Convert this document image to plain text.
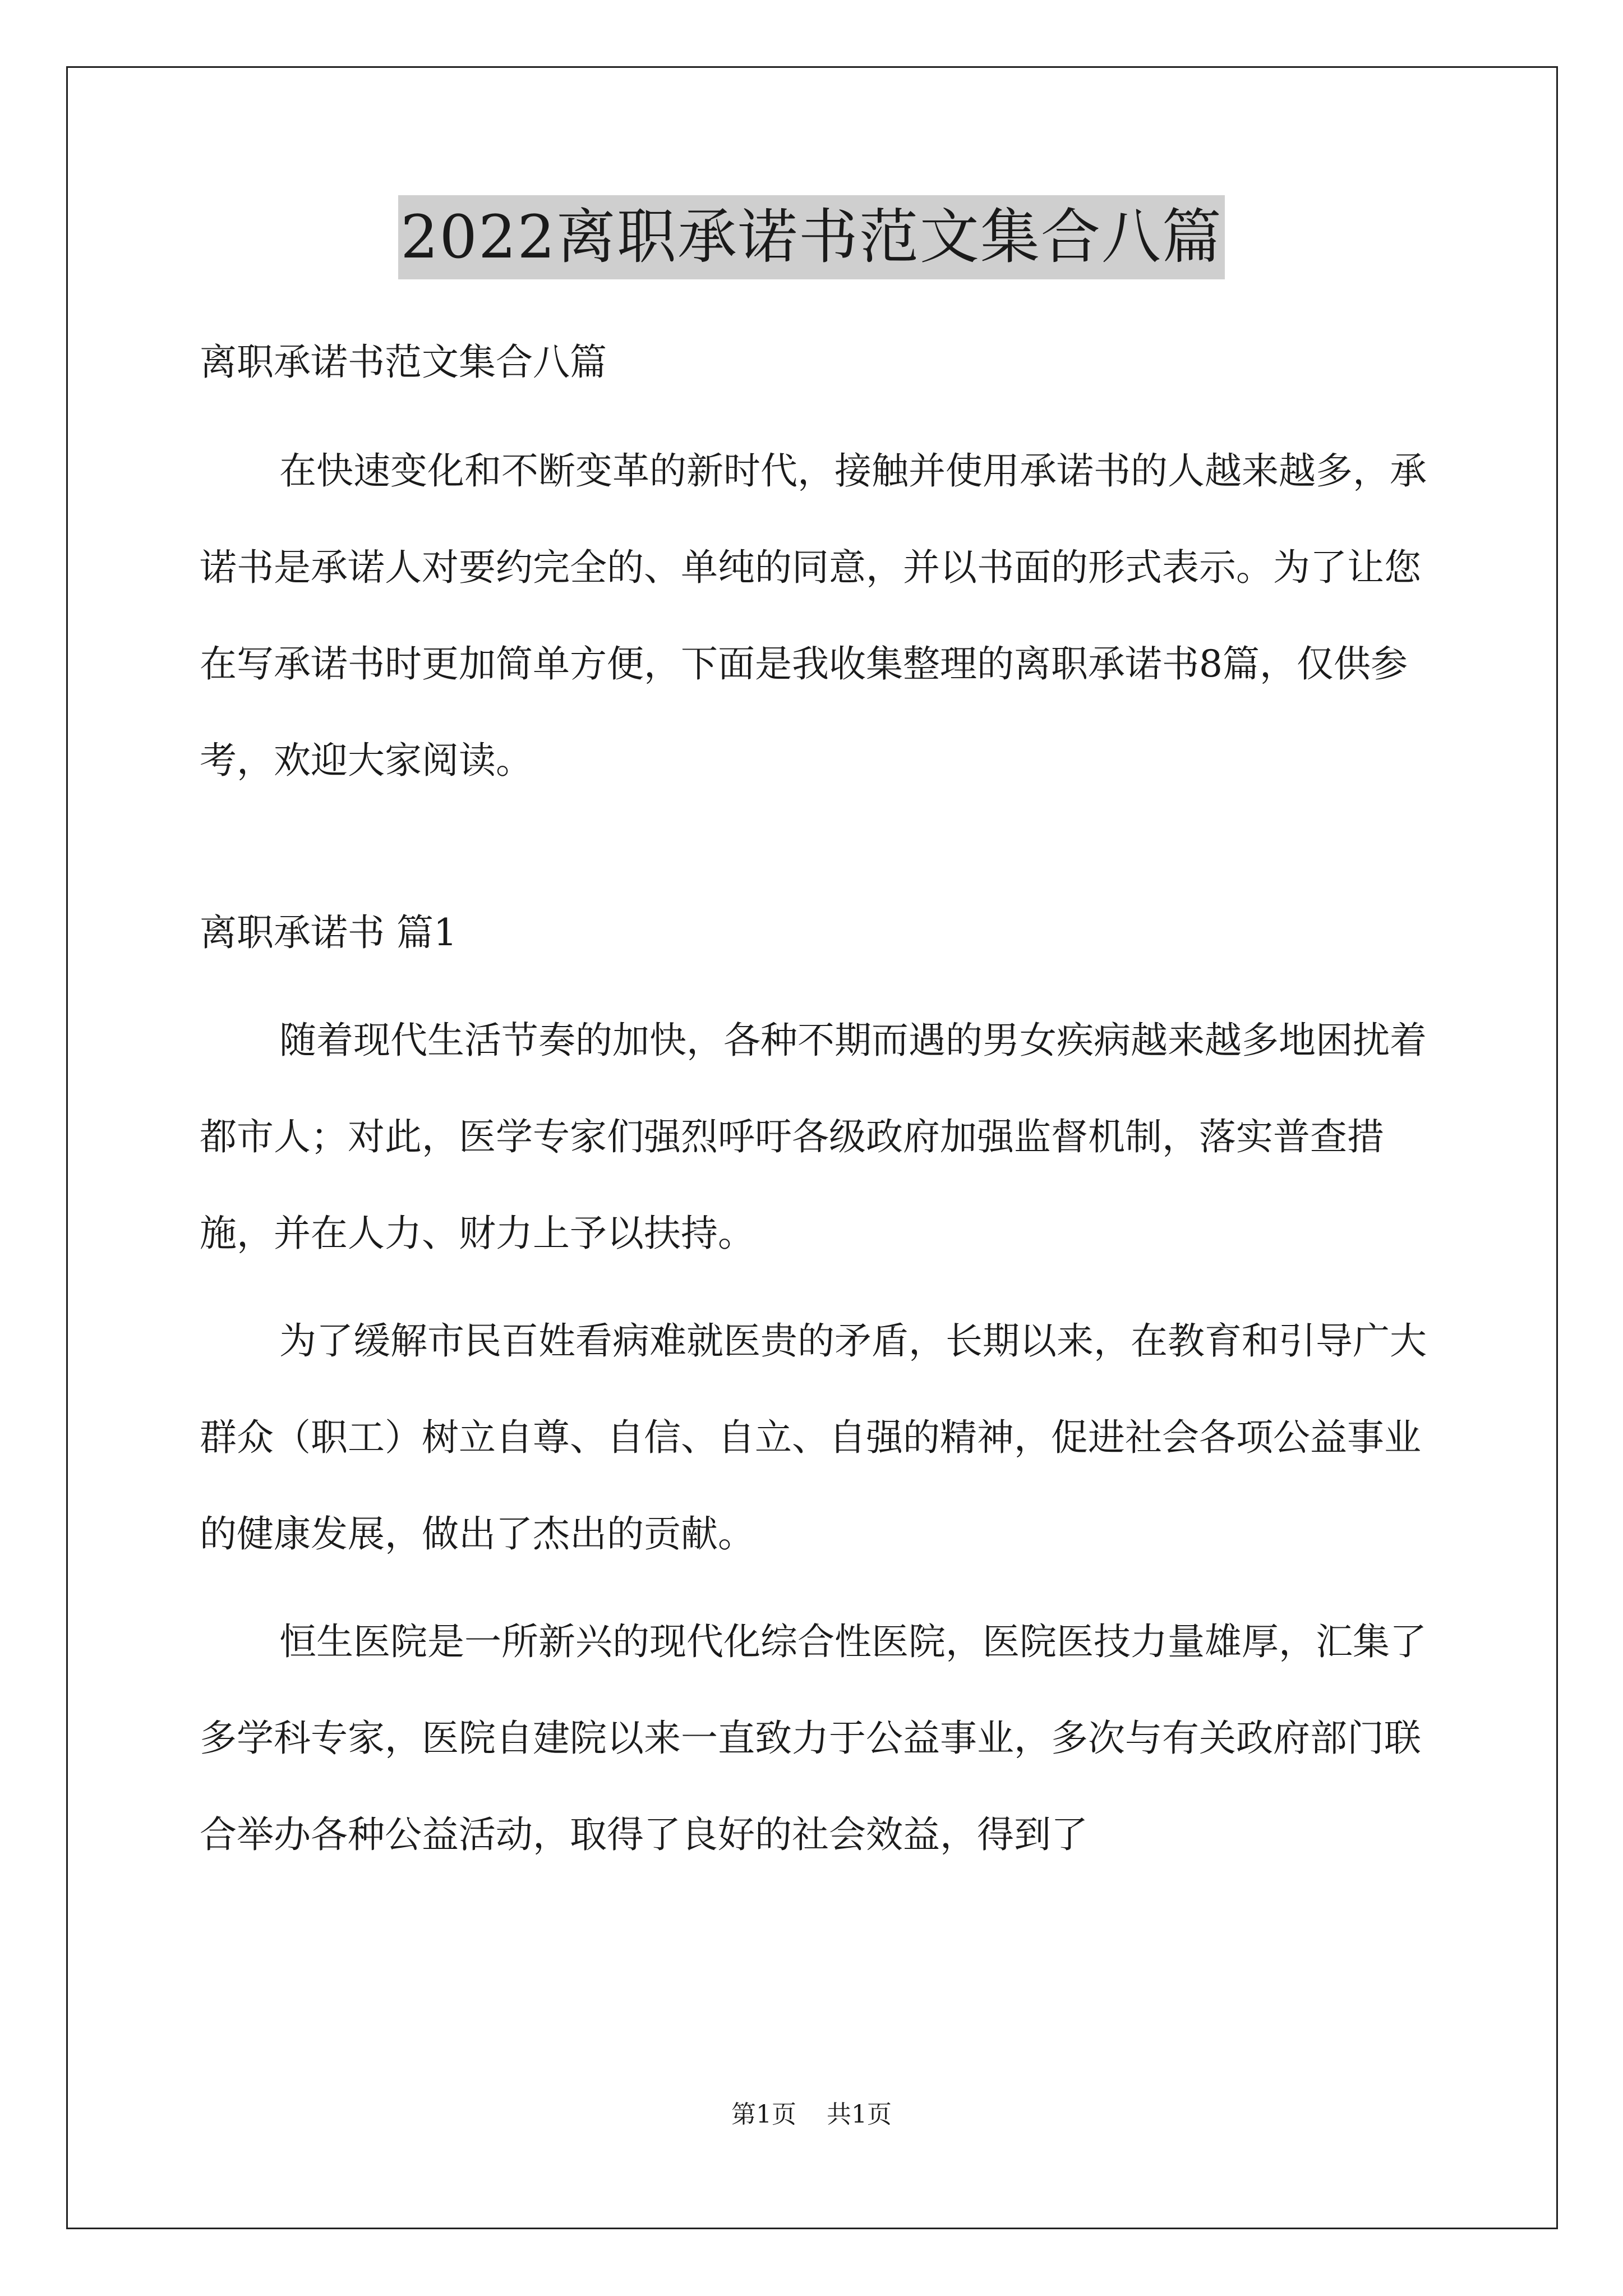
2022离职承诺书范文集合八篇

离职承诺书范文集合八篇

在快速变化和不断变革的新时代，接触并使用承诺书的人越来越多，承诺书是承诺人对要约完全的、单纯的同意，并以书面的形式表示。为了让您在写承诺书时更加简单方便，下面是我收集整理的离职承诺书8篇，仅供参考，欢迎大家阅读。

离职承诺书 篇1

随着现代生活节奏的加快，各种不期而遇的男女疾病越来越多地困扰着都市人；对此，医学专家们强烈呼吁各级政府加强监督机制，落实普查措施，并在人力、财力上予以扶持。

为了缓解市民百姓看病难就医贵的矛盾，长期以来，在教育和引导广大群众（职工）树立自尊、自信、自立、自强的精神，促进社会各项公益事业的健康发展，做出了杰出的贡献。

恒生医院是一所新兴的现代化综合性医院，医院医技力量雄厚，汇集了多学科专家，医院自建院以来一直致力于公益事业，多次与有关政府部门联合举办各种公益活动，取得了良好的社会效益，得到了

第1页 共1页
